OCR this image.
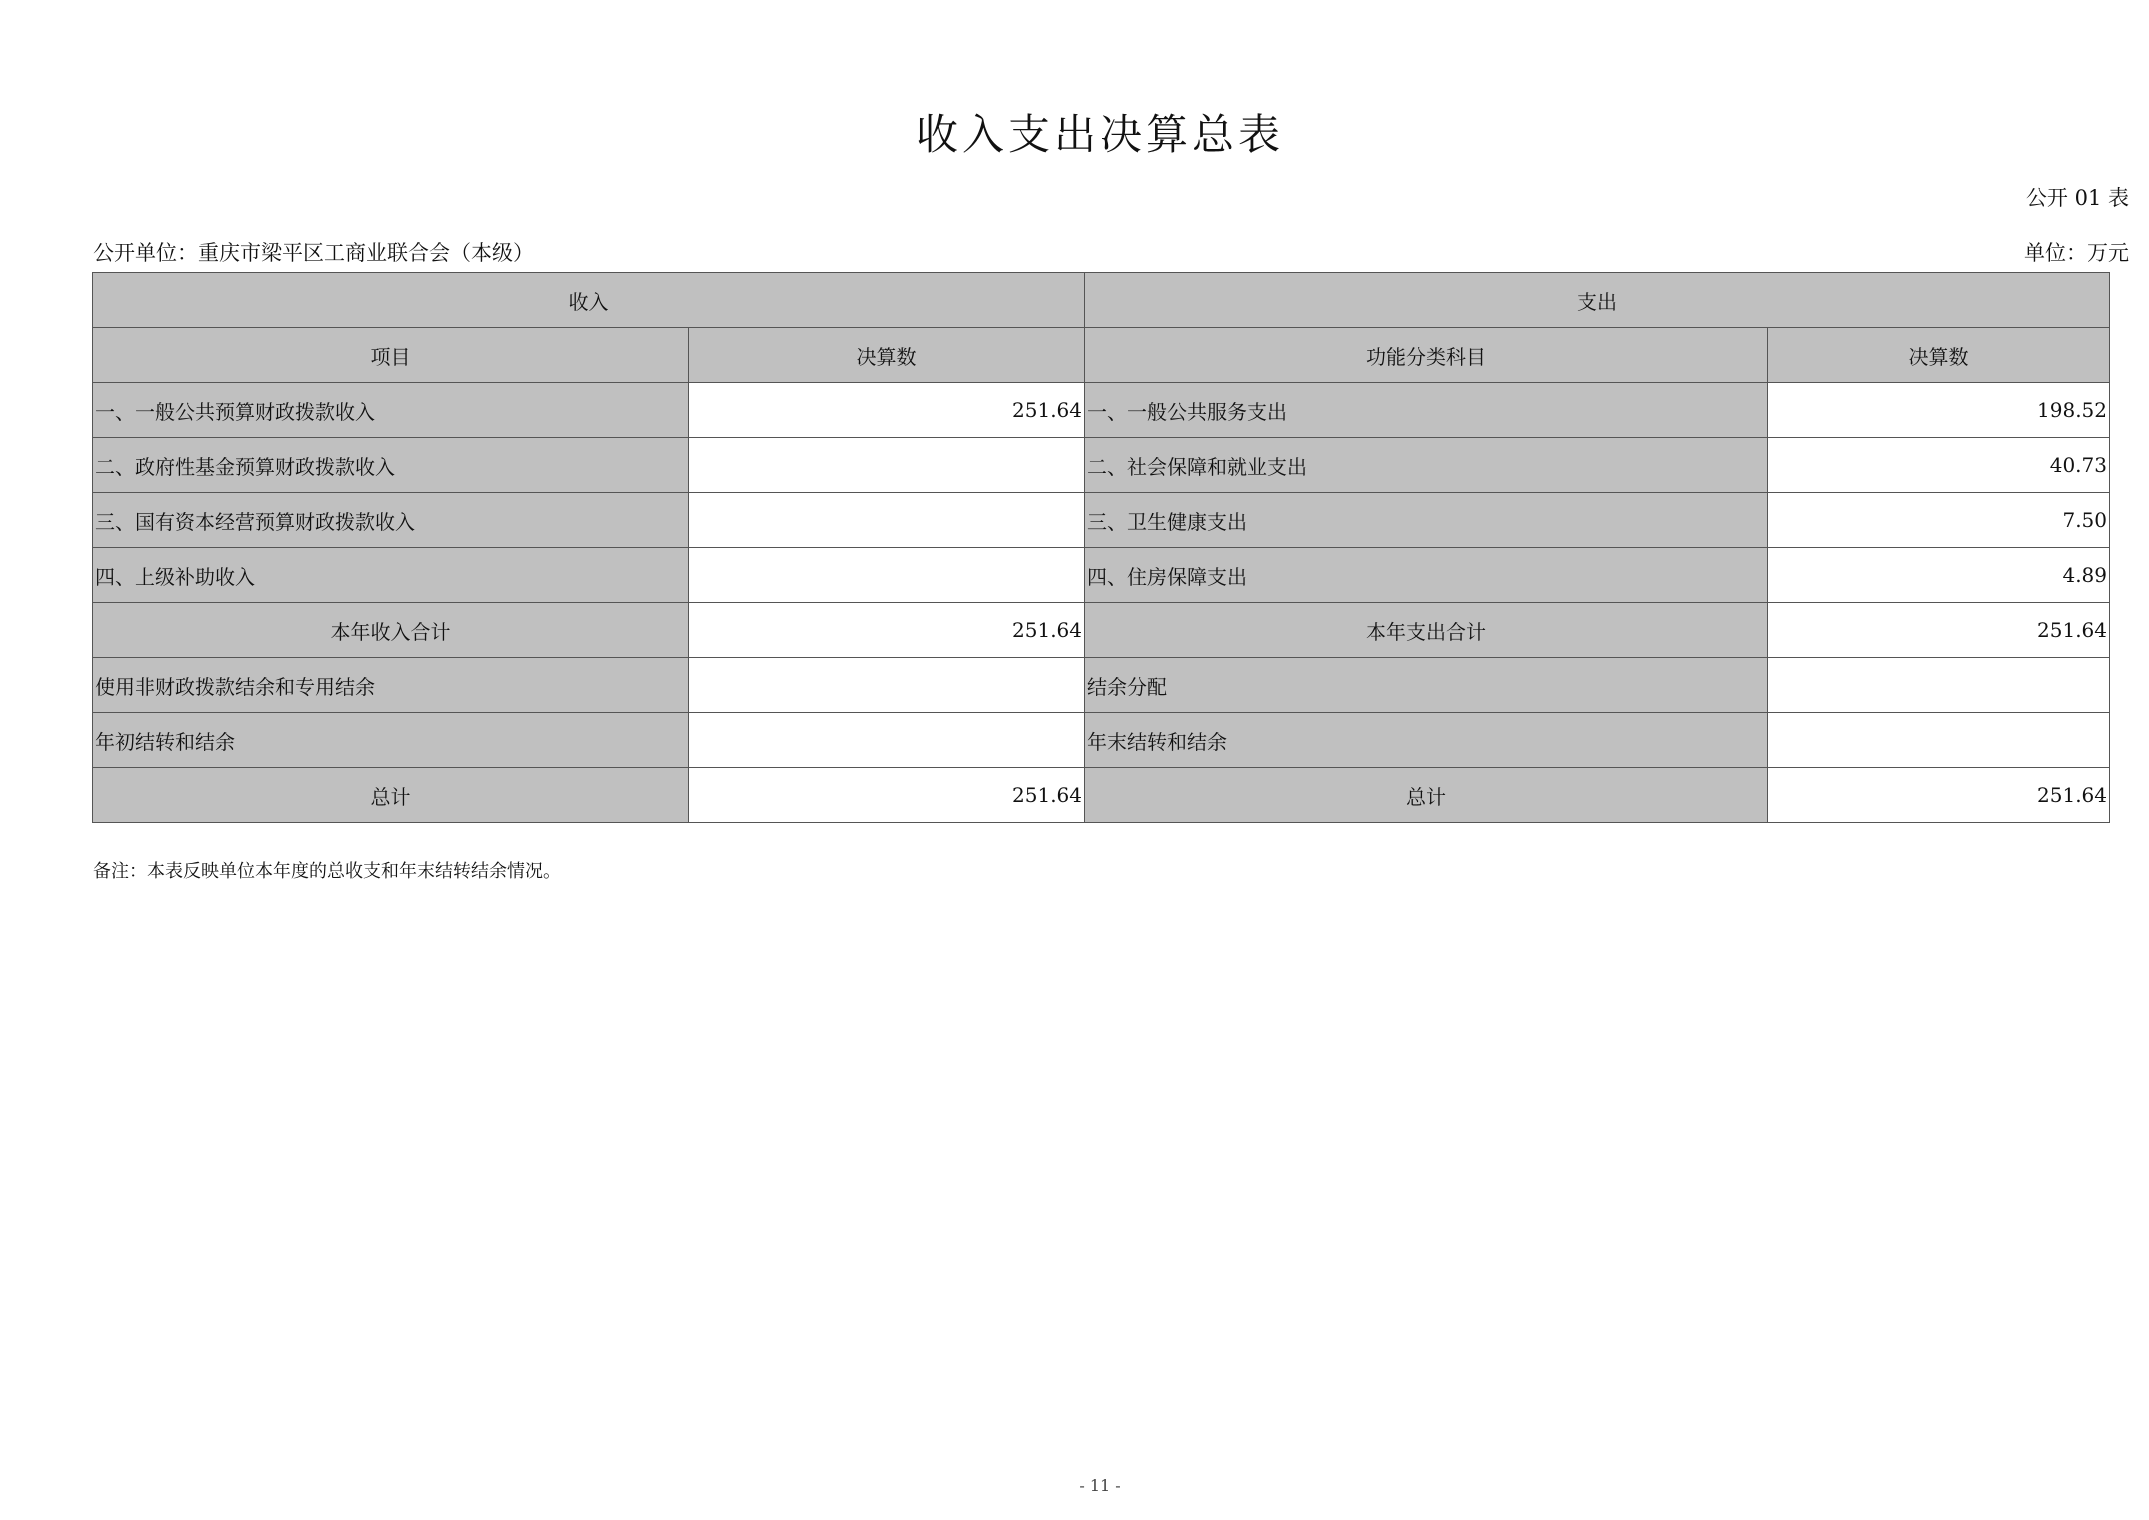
收入支出决算总表
公开 01 表
公开单位：重庆市梁平区工商业联合会（本级）	单位：万元
收入		支出	
项目	决算数	功能分类科目	决算数
一、一般公共预算财政拨款收入	251.64	一、一般公共服务支出	198.52
二、政府性基金预算财政拨款收入		二、社会保障和就业支出	40.73
三、国有资本经营预算财政拨款收入		三、卫生健康支出	7.50
四、上级补助收入		四、住房保障支出	4.89
本年收入合计	251.64	本年支出合计	251.64
使用非财政拨款结余和专用结余		结余分配	
年初结转和结余		年末结转和结余	
总计	251.64	总计	251.64
备注：本表反映单位本年度的总收支和年末结转结余情况。
- 11 -
